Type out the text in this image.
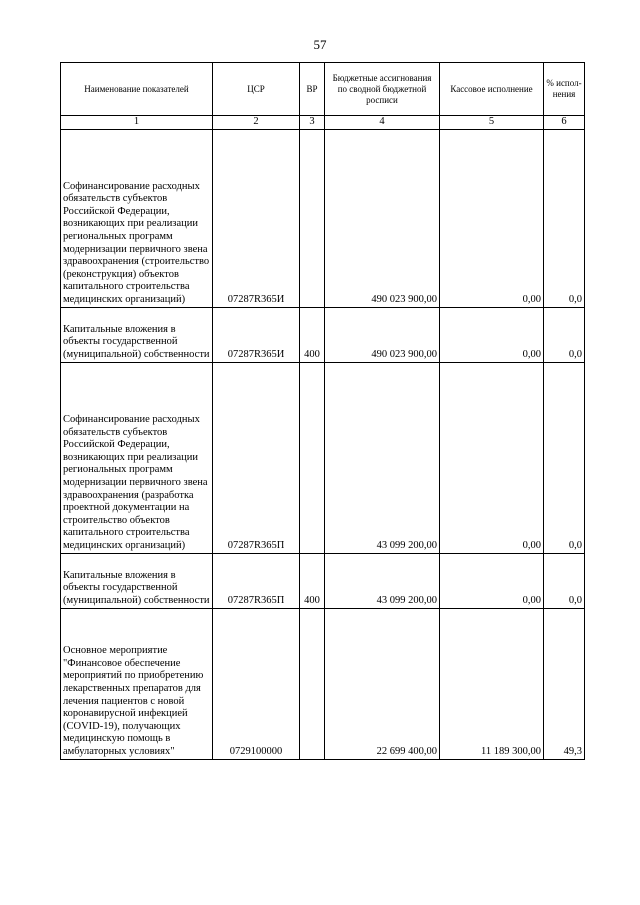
57
Наименование показателей	ЦСР	ВР	Бюджетные ассигнования по сводной бюджетной росписи	Кассовое исполнение	% испол-нения
1	2	3	4	5	6
Софинансирование расходных обязательств субъектов Российской Федерации, возникающих при реализации региональных программ модернизации первичного звена здравоохранения (строительство (реконструкция) объектов капитального строительства медицинских организаций)	07287R365И		490 023 900,00	0,00	0,0
Капитальные вложения в объекты государственной (муниципальной) собственности	07287R365И	400	490 023 900,00	0,00	0,0
Софинансирование расходных обязательств субъектов Российской Федерации, возникающих при реализации региональных программ модернизации первичного звена здравоохранения (разработка проектной документации на строительство объектов капитального строительства медицинских организаций)	07287R365П		43 099 200,00	0,00	0,0
Капитальные вложения в объекты государственной (муниципальной) собственности	07287R365П	400	43 099 200,00	0,00	0,0
Основное мероприятие "Финансовое обеспечение мероприятий по приобретению лекарственных препаратов для лечения пациентов с новой коронавирусной инфекцией (COVID-19), получающих медицинскую помощь в амбулаторных условиях"	0729100000		22 699 400,00	11 189 300,00	49,3
